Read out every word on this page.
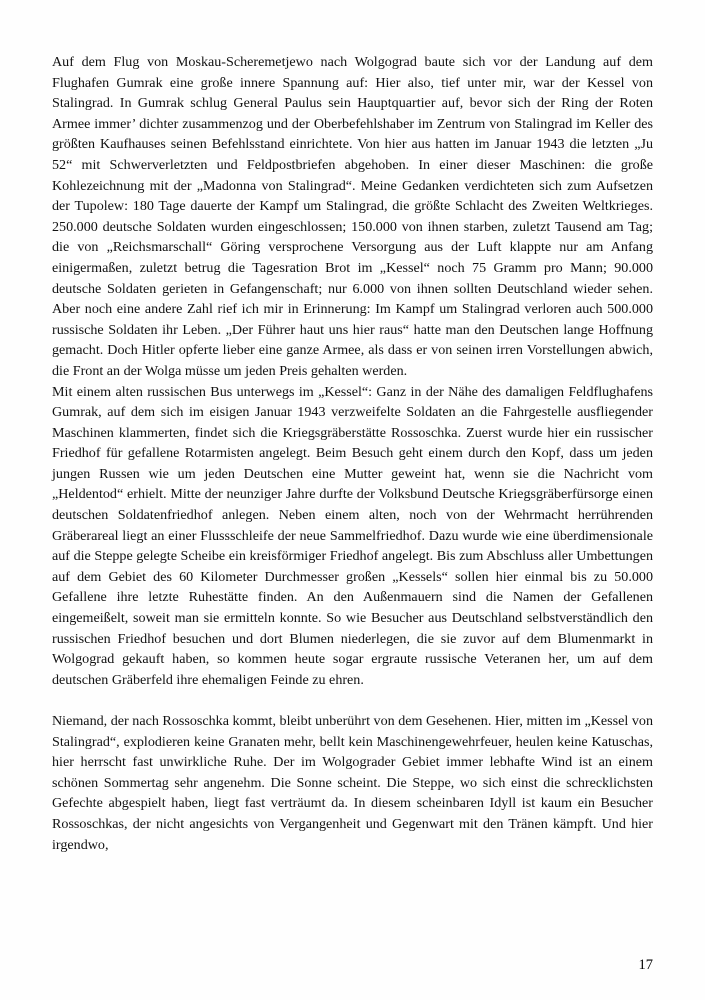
Auf dem Flug von Moskau-Scheremetjewo nach Wolgograd baute sich vor der Landung auf dem Flughafen Gumrak eine große innere Spannung auf: Hier also, tief unter mir, war der Kessel von Stalingrad. In Gumrak schlug General Paulus sein Hauptquartier auf, bevor sich der Ring der Roten Armee immer’ dichter zusammenzog und der Oberbefehlshaber im Zentrum von Stalingrad im Keller des größten Kaufhauses seinen Befehlsstand einrichtete. Von hier aus hatten im Januar 1943 die letzten „Ju 52“ mit Schwerverletzten und Feldpostbriefen abgehoben. In einer dieser Maschinen: die große Kohlezeichnung mit der „Madonna von Stalingrad“. Meine Gedanken verdichteten sich zum Aufsetzen der Tupolew: 180 Tage dauerte der Kampf um Stalingrad, die größte Schlacht des Zweiten Weltkrieges. 250.000 deutsche Soldaten wurden eingeschlossen; 150.000 von ihnen starben, zuletzt Tausend am Tag; die von „Reichsmarschall“ Göring versprochene Versorgung aus der Luft klappte nur am Anfang einigermaßen, zuletzt betrug die Tagesration Brot im „Kessel“ noch 75 Gramm pro Mann; 90.000 deutsche Soldaten gerieten in Gefangenschaft; nur 6.000 von ihnen sollten Deutschland wieder sehen. Aber noch eine andere Zahl rief ich mir in Erinnerung: Im Kampf um Stalingrad verloren auch 500.000 russische Soldaten ihr Leben. „Der Führer haut uns hier raus“ hatte man den Deutschen lange Hoffnung gemacht. Doch Hitler opferte lieber eine ganze Armee, als dass er von seinen irren Vorstellungen abwich, die Front an der Wolga müsse um jeden Preis gehalten werden.

Mit einem alten russischen Bus unterwegs im „Kessel“: Ganz in der Nähe des damaligen Feldflughafens Gumrak, auf dem sich im eisigen Januar 1943 verzweifelte Soldaten an die Fahrgestelle ausfliegender Maschinen klammerten, findet sich die Kriegsgräberstätte Rossoschka. Zuerst wurde hier ein russischer Friedhof für gefallene Rotarmisten angelegt. Beim Besuch geht einem durch den Kopf, dass um jeden jungen Russen wie um jeden Deutschen eine Mutter geweint hat, wenn sie die Nachricht vom „Heldentod“ erhielt. Mitte der neunziger Jahre durfte der Volksbund Deutsche Kriegsgräberfürsorge einen deutschen Soldatenfriedhof anlegen. Neben einem alten, noch von der Wehrmacht herrührenden Gräberareal liegt an einer Flussschleife der neue Sammelfriedhof. Dazu wurde wie eine überdimensionale auf die Steppe gelegte Scheibe ein kreisförmiger Friedhof angelegt. Bis zum Abschluss aller Umbettungen auf dem Gebiet des 60 Kilometer Durchmesser großen „Kessels“ sollen hier einmal bis zu 50.000 Gefallene ihre letzte Ruhestätte finden. An den Außenmauern sind die Namen der Gefallenen eingemeißelt, soweit man sie ermitteln konnte. So wie Besucher aus Deutschland selbstverständlich den russischen Friedhof besuchen und dort Blumen niederlegen, die sie zuvor auf dem Blumenmarkt in Wolgograd gekauft haben, so kommen heute sogar ergraute russische Veteranen her, um auf dem deutschen Gräberfeld ihre ehemaligen Feinde zu ehren.

Niemand, der nach Rossoschka kommt, bleibt unberührt von dem Gesehenen. Hier, mitten im „Kessel von Stalingrad“, explodieren keine Granaten mehr, bellt kein Maschinengewehrfeuer, heulen keine Katuschas, hier herrscht fast unwirkliche Ruhe. Der im Wolgograder Gebiet immer lebhafte Wind ist an einem schönen Sommertag sehr angenehm. Die Sonne scheint. Die Steppe, wo sich einst die schrecklichsten Gefechte abgespielt haben, liegt fast verträumt da. In diesem scheinbaren Idyll ist kaum ein Besucher Rossoschkas, der nicht angesichts von Vergangenheit und Gegenwart mit den Tränen kämpft. Und hier irgendwo,

17
